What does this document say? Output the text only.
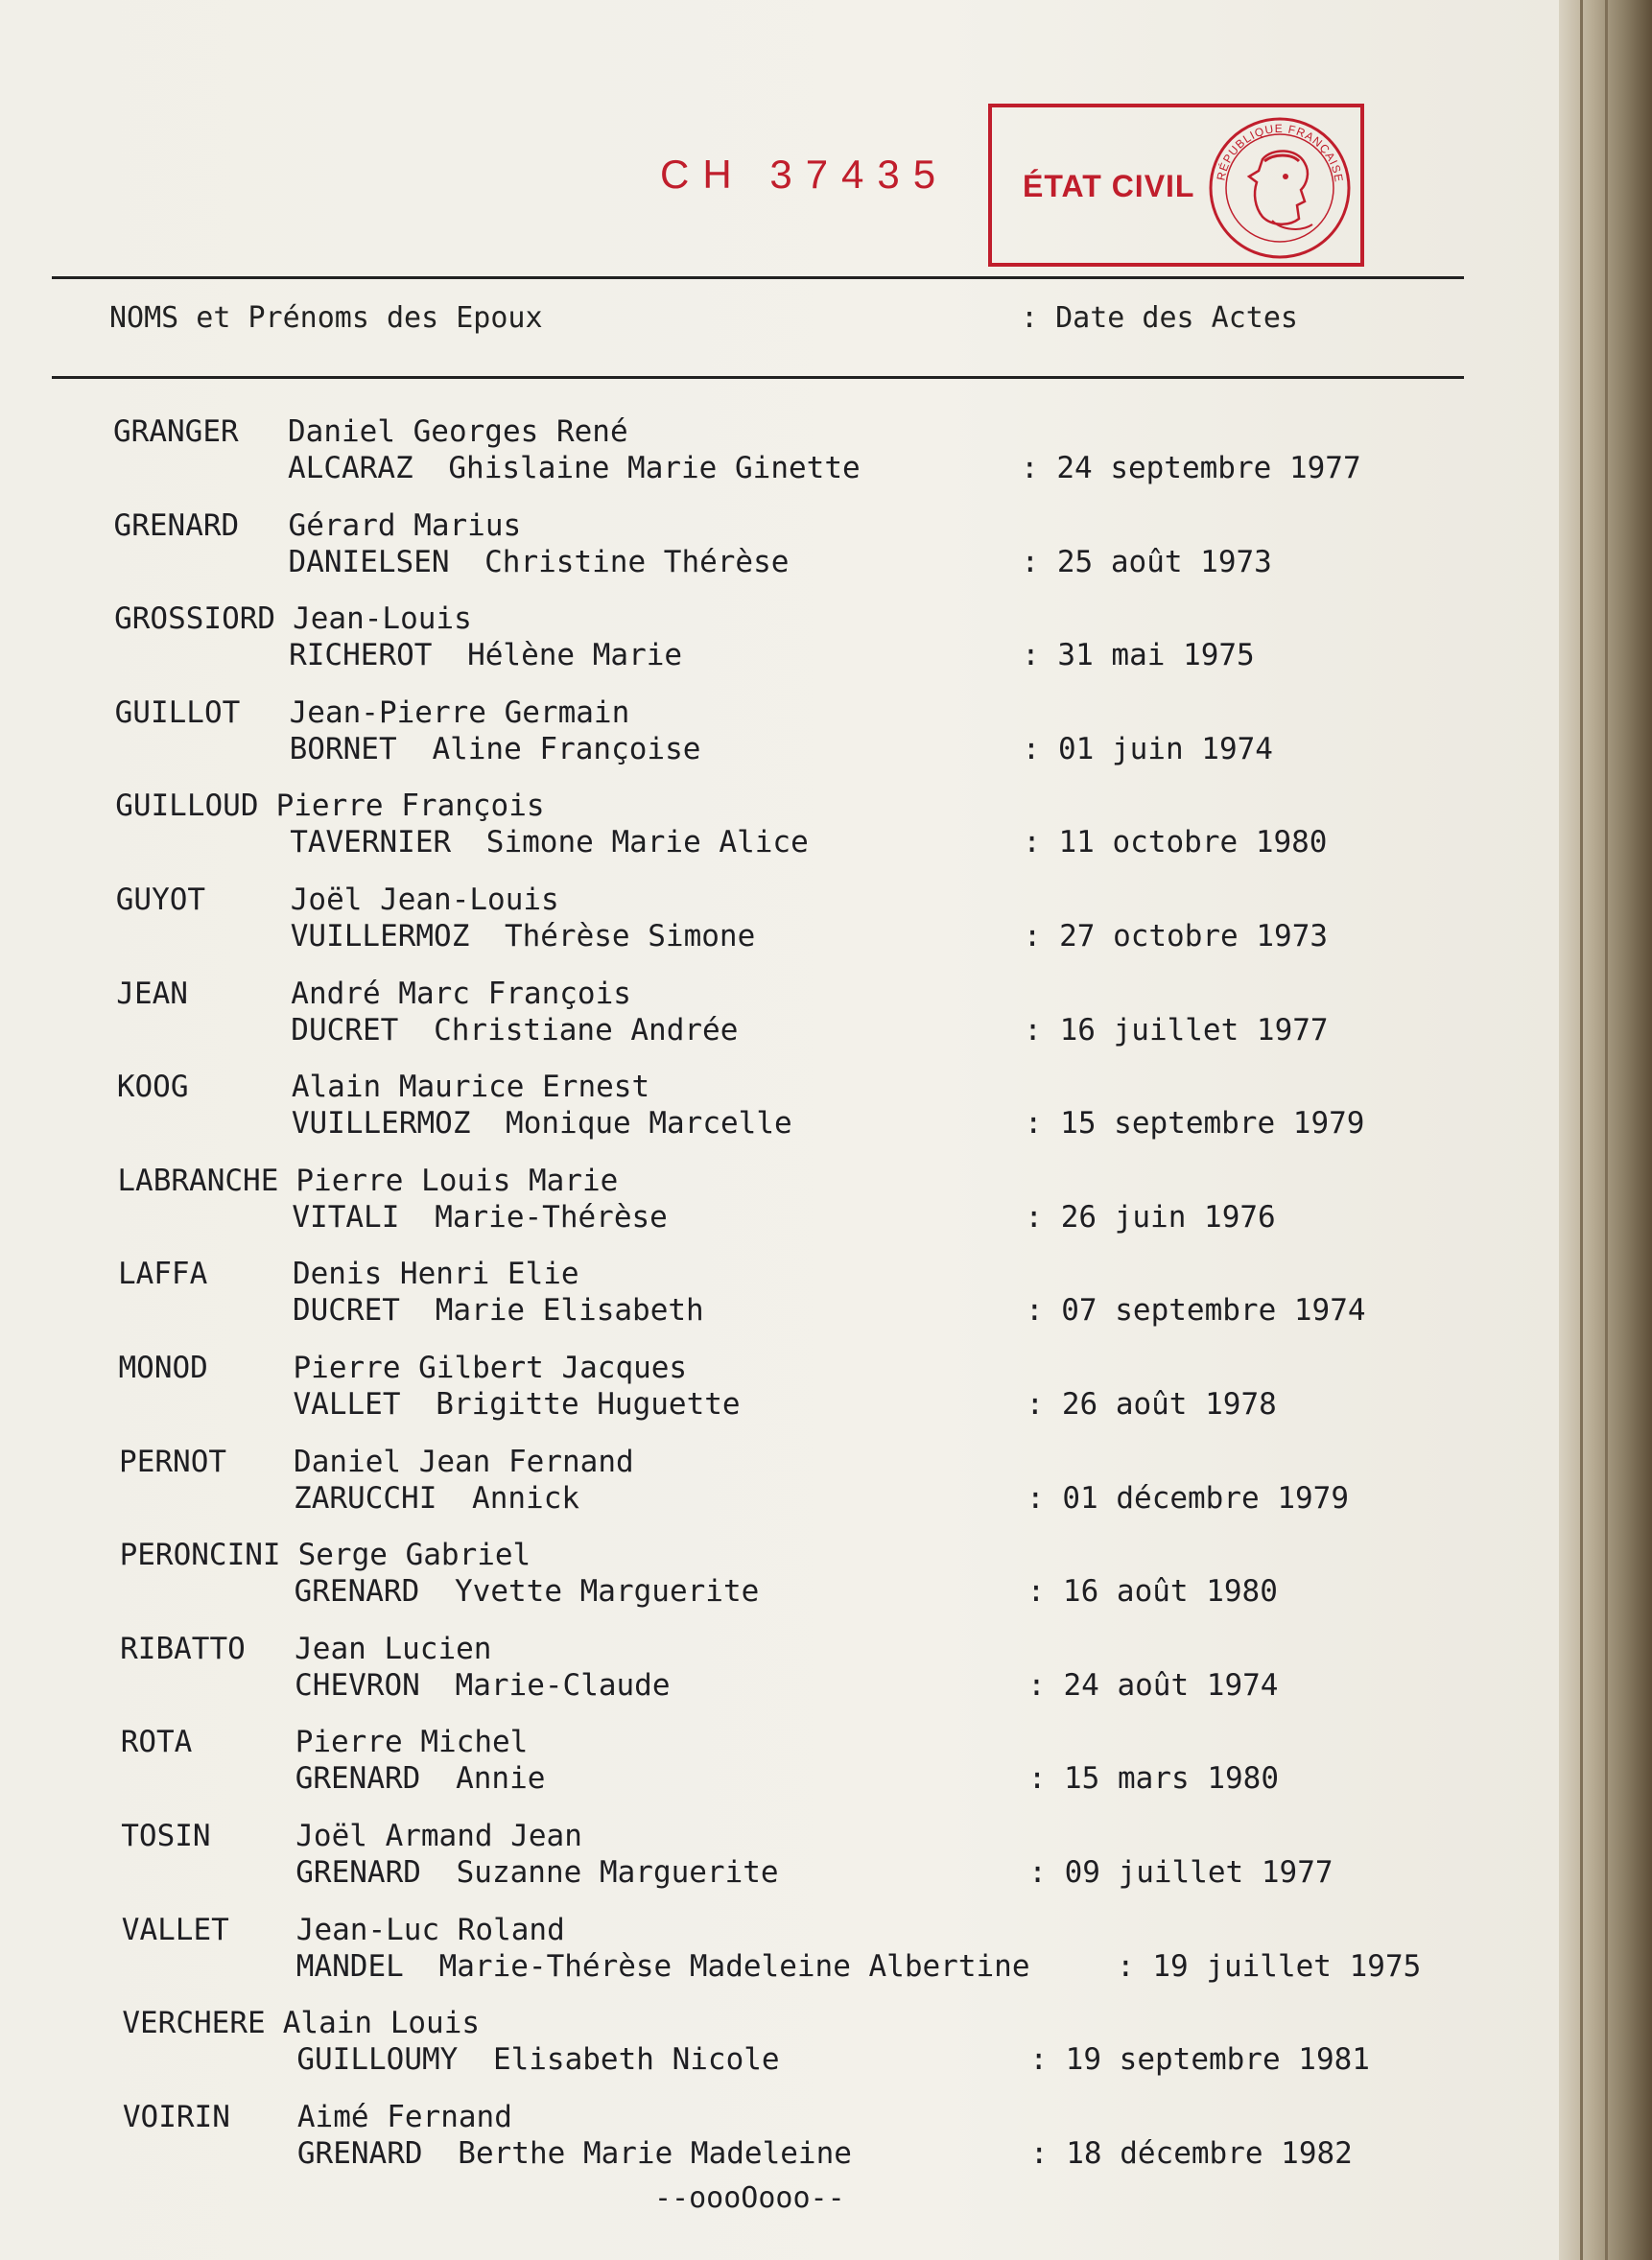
CH 37435 ÉTAT CIVIL RÉPUBLIQUE FRANÇAISE
NOMS et Prénoms des Epoux	: Date des Actes
GRANGER Daniel Georges René
ALCARAZ Ghislaine Marie Ginette	: 24 septembre 1977
GRENARD Gérard Marius
DANIELSEN Christine Thérèse	: 25 août 1973
GROSSIORD Jean-Louis
RICHEROT Hélène Marie	: 31 mai 1975
GUILLOT Jean-Pierre Germain
BORNET Aline Françoise	: 01 juin 1974
GUILLOUD Pierre François
TAVERNIER Simone Marie Alice	: 11 octobre 1980
GUYOT	Joël Jean-Louis
VUILLERMOZ Thérèse Simone	: 27 octobre 1973
JEAN	André Marc François
DUCRET Christiane Andrée	: 16 juillet 1977
KOOG	Alain Maurice Ernest
VUILLERMOZ Monique Marcelle	: 15 septembre 1979
LABRANCHE Pierre Louis Marie
VITALI Marie-Thérèse	: 26 juin 1976
LAFFA	Denis Henri Elie
DUCRET Marie Elisabeth	: 07 septembre 1974
MONOD	Pierre Gilbert Jacques
VALLET Brigitte Huguette	: 26 août 1978
PERNOT Daniel Jean Fernand
ZARUCCHI Annick	: 01 décembre 1979
PERONCINI Serge Gabriel
GRENARD Yvette Marguerite	: 16 août 1980
RIBATTO Jean Lucien
CHEVRON Marie-Claude	: 24 août 1974
ROTA	Pierre Michel
GRENARD Annie	: 15 mars 1980
TOSIN	Joël Armand Jean
GRENARD Suzanne Marguerite	: 09 juillet 1977
VALLET Jean-Luc Roland
MANDEL Marie-Thérèse Madeleine Albertine	: 19 juillet 1975
VERCHERE Alain Louis
GUILLOUMY Elisabeth Nicole	: 19 septembre 1981
VOIRIN Aimé Fernand
GRENARD Berthe Marie Madeleine	: 18 décembre 1982
--oooOooo--
